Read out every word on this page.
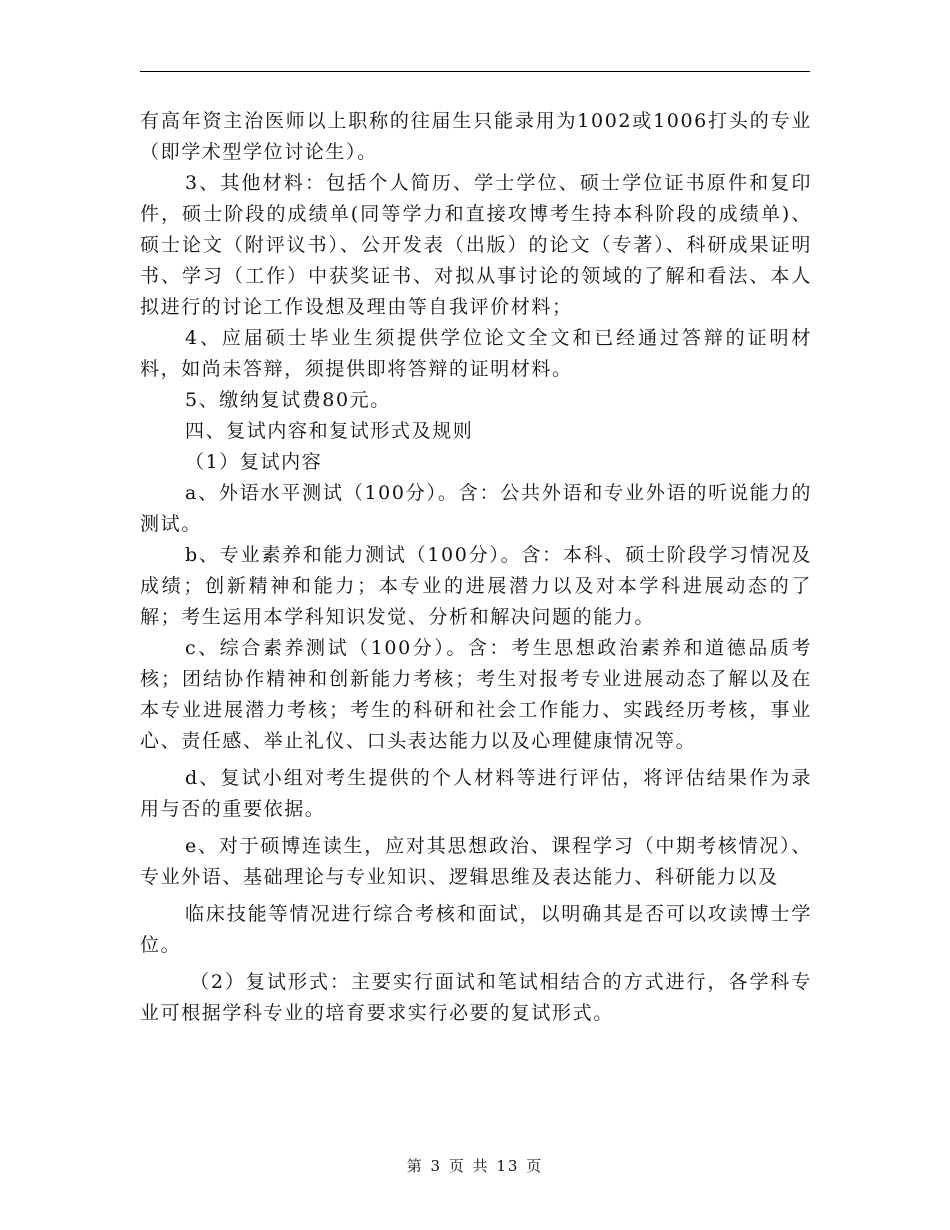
有高年资主治医师以上职称的往届生只能录用为1002或1006打头的专业（即学术型学位讨论生）。

3、其他材料：包括个人简历、学士学位、硕士学位证书原件和复印件，硕士阶段的成绩单(同等学力和直接攻博考生持本科阶段的成绩单)、硕士论文（附评议书）、公开发表（出版）的论文（专著）、科研成果证明书、学习（工作）中获奖证书、对拟从事讨论的领域的了解和看法、本人拟进行的讨论工作设想及理由等自我评价材料；

4、应届硕士毕业生须提供学位论文全文和已经通过答辩的证明材料，如尚未答辩，须提供即将答辩的证明材料。

5、缴纳复试费80元。

四、复试内容和复试形式及规则

（1）复试内容

a、外语水平测试（100分）。含：公共外语和专业外语的听说能力的测试。

b、专业素养和能力测试（100分）。含：本科、硕士阶段学习情况及成绩；创新精神和能力；本专业的进展潜力以及对本学科进展动态的了解；考生运用本学科知识发觉、分析和解决问题的能力。

c、综合素养测试（100分）。含：考生思想政治素养和道德品质考核；团结协作精神和创新能力考核；考生对报考专业进展动态了解以及在本专业进展潜力考核；考生的科研和社会工作能力、实践经历考核，事业心、责任感、举止礼仪、口头表达能力以及心理健康情况等。

d、复试小组对考生提供的个人材料等进行评估，将评估结果作为录用与否的重要依据。

e、对于硕博连读生，应对其思想政治、课程学习（中期考核情况）、专业外语、基础理论与专业知识、逻辑思维及表达能力、科研能力以及

临床技能等情况进行综合考核和面试，以明确其是否可以攻读博士学位。

（2）复试形式：主要实行面试和笔试相结合的方式进行，各学科专业可根据学科专业的培育要求实行必要的复试形式。

第 3 页 共 13 页
